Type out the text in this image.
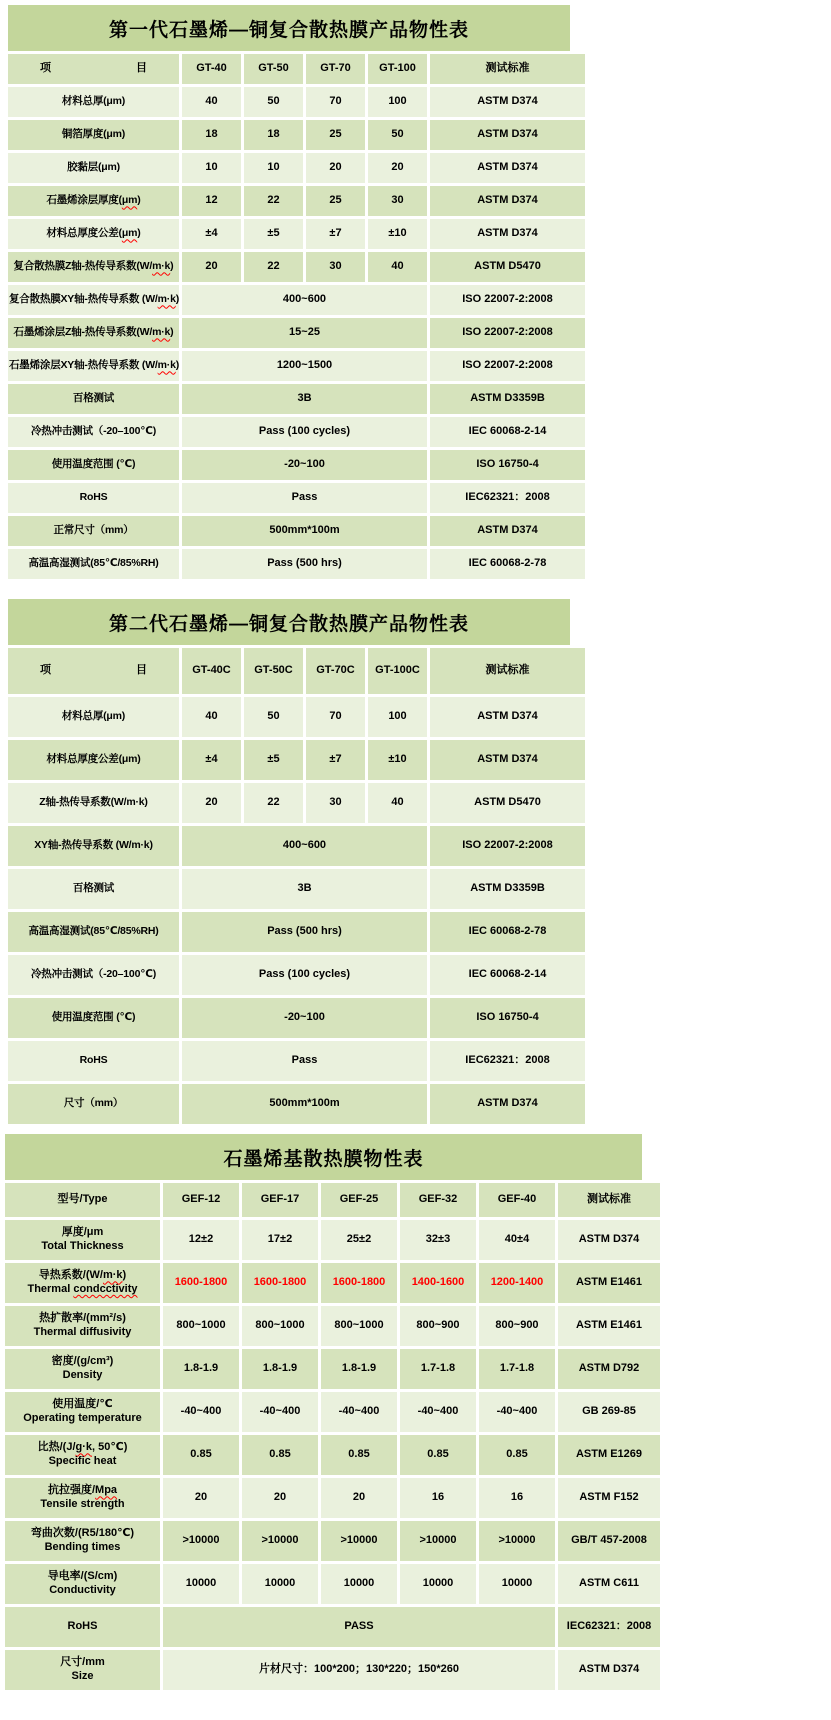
第一代石墨烯—铜复合散热膜产品物性表
项 目	GT-40	GT-50	GT-70	GT-100	测试标准
材料总厚(μm)	40	50	70	100	ASTM D374
铜箔厚度(μm)	18	18	25	50	ASTM D374
胶黏层(μm)	10	10	20	20	ASTM D374
石墨烯涂层厚度(μm)	12	22	25	30	ASTM D374
材料总厚度公差(μm)	±4	±5	±7	±10	ASTM D374
复合散热膜Z轴-热传导系数(W/m·k)	20	22	30	40	ASTM D5470
复合散热膜XY轴-热传导系数 (W/m·k)	400~600				ISO 22007-2:2008
石墨烯涂层Z轴-热传导系数(W/m·k)	15~25				ISO 22007-2:2008
石墨烯涂层XY轴-热传导系数 (W/m·k)	1200~1500				ISO 22007-2:2008
百格测试	3B				ASTM D3359B
冷热冲击测试（-20–100℃)	Pass (100 cycles)				IEC 60068-2-14
使用温度范围 (℃)	-20~100				ISO 16750-4
RoHS	Pass				IEC62321：2008
正常尺寸（mm）	500mm*100m				ASTM D374
高温高湿测试(85℃/85%RH)	Pass (500 hrs)				IEC 60068-2-78
第二代石墨烯—铜复合散热膜产品物性表
项 目	GT-40C	GT-50C	GT-70C	GT-100C	测试标准
材料总厚(μm)	40	50	70	100	ASTM D374
材料总厚度公差(μm)	±4	±5	±7	±10	ASTM D374
Z轴-热传导系数(W/m·k)	20	22	30	40	ASTM D5470
XY轴-热传导系数 (W/m·k)	400~600				ISO 22007-2:2008
百格测试	3B				ASTM D3359B
高温高湿测试(85℃/85%RH)	Pass (500 hrs)				IEC 60068-2-78
冷热冲击测试（-20–100℃)	Pass (100 cycles)				IEC 60068-2-14
使用温度范围 (℃)	-20~100				ISO 16750-4
RoHS	Pass				IEC62321：2008
尺寸（mm）	500mm*100m				ASTM D374
石墨烯基散热膜物性表
型号/Type	GEF-12	GEF-17	GEF-25	GEF-32	GEF-40	测试标准
厚度/μm
Total Thickness	12±2	17±2	25±2	32±3	40±4	ASTM D374
导热系数/(W/m·k)
Thermal condcctivity	1600-1800	1600-1800	1600-1800	1400-1600	1200-1400	ASTM E1461
热扩散率/(mm²/s)
Thermal diffusivity	800~1000	800~1000	800~1000	800~900	800~900	ASTM E1461
密度/(g/cm³)
Density	1.8-1.9	1.8-1.9	1.8-1.9	1.7-1.8	1.7-1.8	ASTM D792
使用温度/℃
Operating temperature	-40~400	-40~400	-40~400	-40~400	-40~400	GB 269-85
比热/(J/g·k, 50℃)
Specific heat	0.85	0.85	0.85	0.85	0.85	ASTM E1269
抗拉强度/Mpa
Tensile strength	20	20	20	16	16	ASTM F152
弯曲次数/(R5/180℃)
Bending times	>10000	>10000	>10000	>10000	>10000	GB/T 457-2008
导电率/(S/cm)
Conductivity	10000	10000	10000	10000	10000	ASTM C611
RoHS	PASS					IEC62321：2008
尺寸/mm
Size	片材尺寸：100*200；130*220；150*260					ASTM D374
